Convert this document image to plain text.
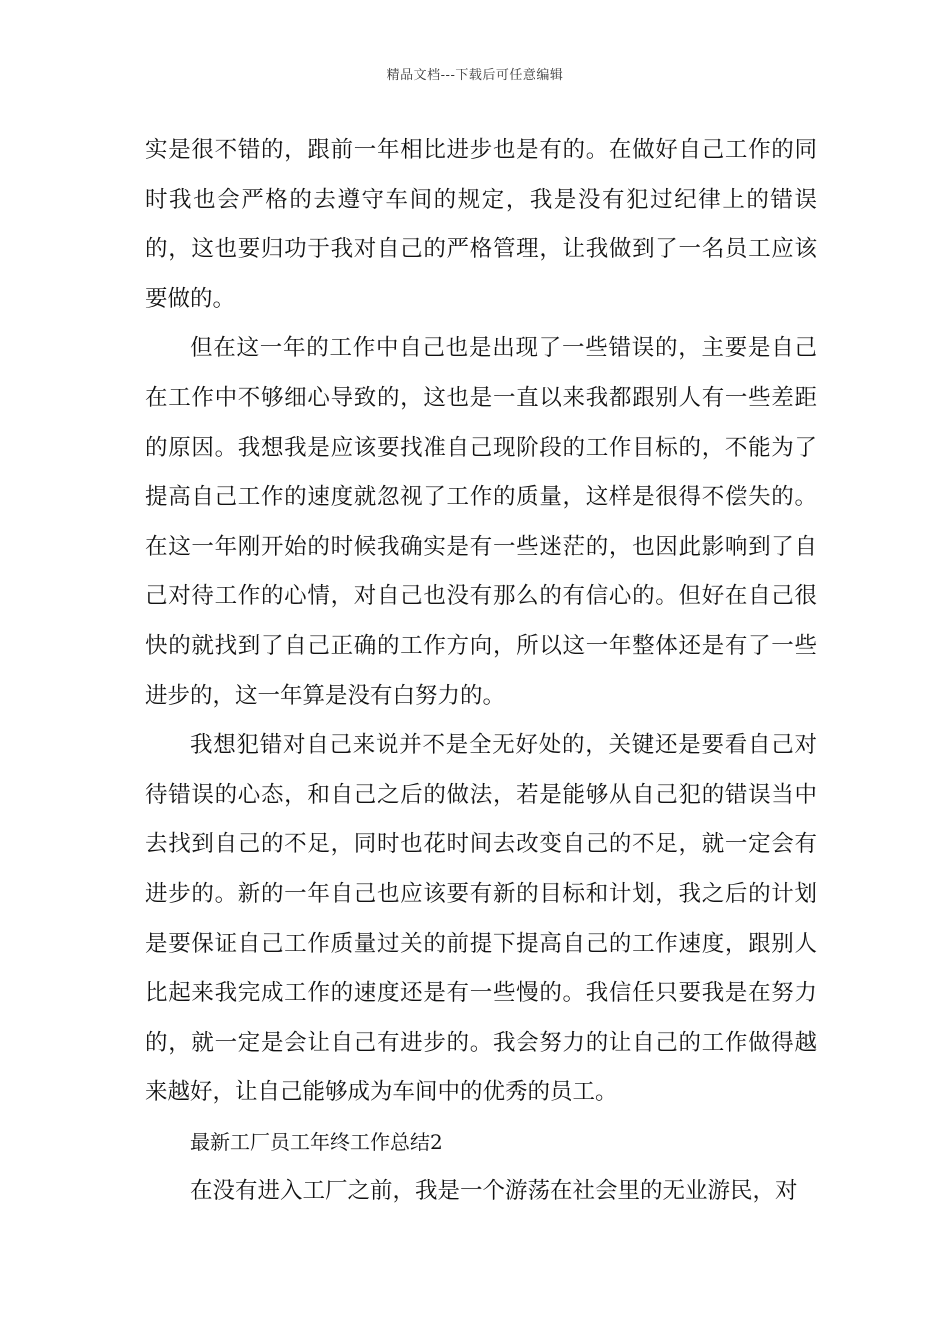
精品文档---下载后可任意编辑

实是很不错的，跟前一年相比进步也是有的。在做好自己工作的同时我也会严格的去遵守车间的规定，我是没有犯过纪律上的错误的，这也要归功于我对自己的严格管理，让我做到了一名员工应该要做的。

但在这一年的工作中自己也是出现了一些错误的，主要是自己在工作中不够细心导致的，这也是一直以来我都跟别人有一些差距的原因。我想我是应该要找准自己现阶段的工作目标的，不能为了提高自己工作的速度就忽视了工作的质量，这样是很得不偿失的。在这一年刚开始的时候我确实是有一些迷茫的，也因此影响到了自己对待工作的心情，对自己也没有那么的有信心的。但好在自己很快的就找到了自己正确的工作方向，所以这一年整体还是有了一些进步的，这一年算是没有白努力的。

我想犯错对自己来说并不是全无好处的，关键还是要看自己对待错误的心态，和自己之后的做法，若是能够从自己犯的错误当中去找到自己的不足，同时也花时间去改变自己的不足，就一定会有进步的。新的一年自己也应该要有新的目标和计划，我之后的计划是要保证自己工作质量过关的前提下提高自己的工作速度，跟别人比起来我完成工作的速度还是有一些慢的。我信任只要我是在努力的，就一定是会让自己有进步的。我会努力的让自己的工作做得越来越好，让自己能够成为车间中的优秀的员工。

最新工厂员工年终工作总结2

在没有进入工厂之前，我是一个游荡在社会里的无业游民，对
